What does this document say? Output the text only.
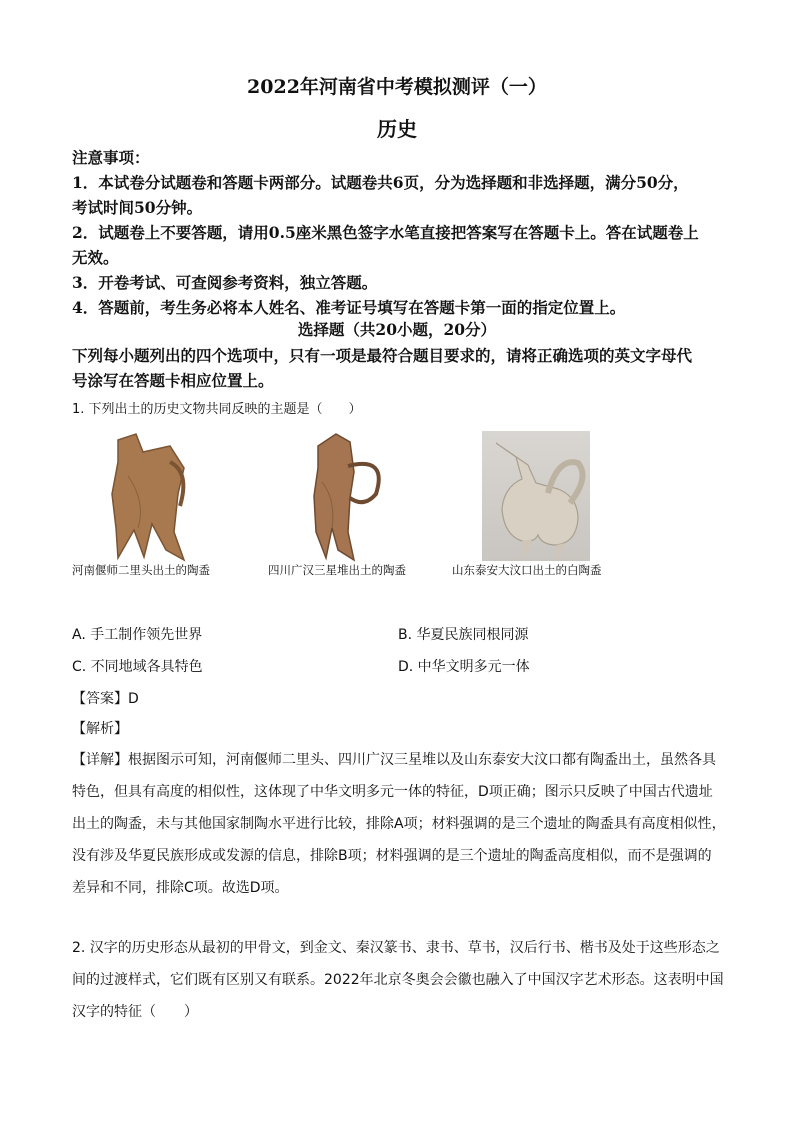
2022年河南省中考模拟测评（一）
历史
注意事项：
1．本试卷分试题卷和答题卡两部分。试题卷共6页，分为选择题和非选择题，满分50分，
考试时间50分钟。
2．试题卷上不要答题，请用0.5座米黑色签字水笔直接把答案写在答题卡上。答在试题卷上
无效。
3．开卷考试、可查阅参考资料，独立答题。
4．答题前，考生务必将本人姓名、准考证号填写在答题卡第一面的指定位置上。
选择题（共20小题，20分）
下列每小题列出的四个选项中，只有一项是最符合题目要求的，请将正确选项的英文字母代
号涂写在答题卡相应位置上。
1. 下列出土的历史文物共同反映的主题是（　　）
河南偃师二里头出土的陶盉	四川广汉三星堆出土的陶盉	山东泰安大汶口出土的白陶盉
A. 手工制作领先世界	B. 华夏民族同根同源
C. 不同地域各具特色	D. 中华文明多元一体
【答案】D
【解析】
【详解】根据图示可知，河南偃师二里头、四川广汉三星堆以及山东泰安大汶口都有陶盉出土，虽然各具
特色，但具有高度的相似性，这体现了中华文明多元一体的特征，D项正确；图示只反映了中国古代遗址
出土的陶盉，未与其他国家制陶水平进行比较，排除A项；材料强调的是三个遗址的陶盉具有高度相似性，
没有涉及华夏民族形成或发源的信息，排除B项；材料强调的是三个遗址的陶盉高度相似，而不是强调的
差异和不同，排除C项。故选D项。
2. 汉字的历史形态从最初的甲骨文，到金文、秦汉篆书、隶书、草书，汉后行书、楷书及处于这些形态之
间的过渡样式，它们既有区别又有联系。2022年北京冬奥会会徽也融入了中国汉字艺术形态。这表明中国
汉字的特征（　　）
